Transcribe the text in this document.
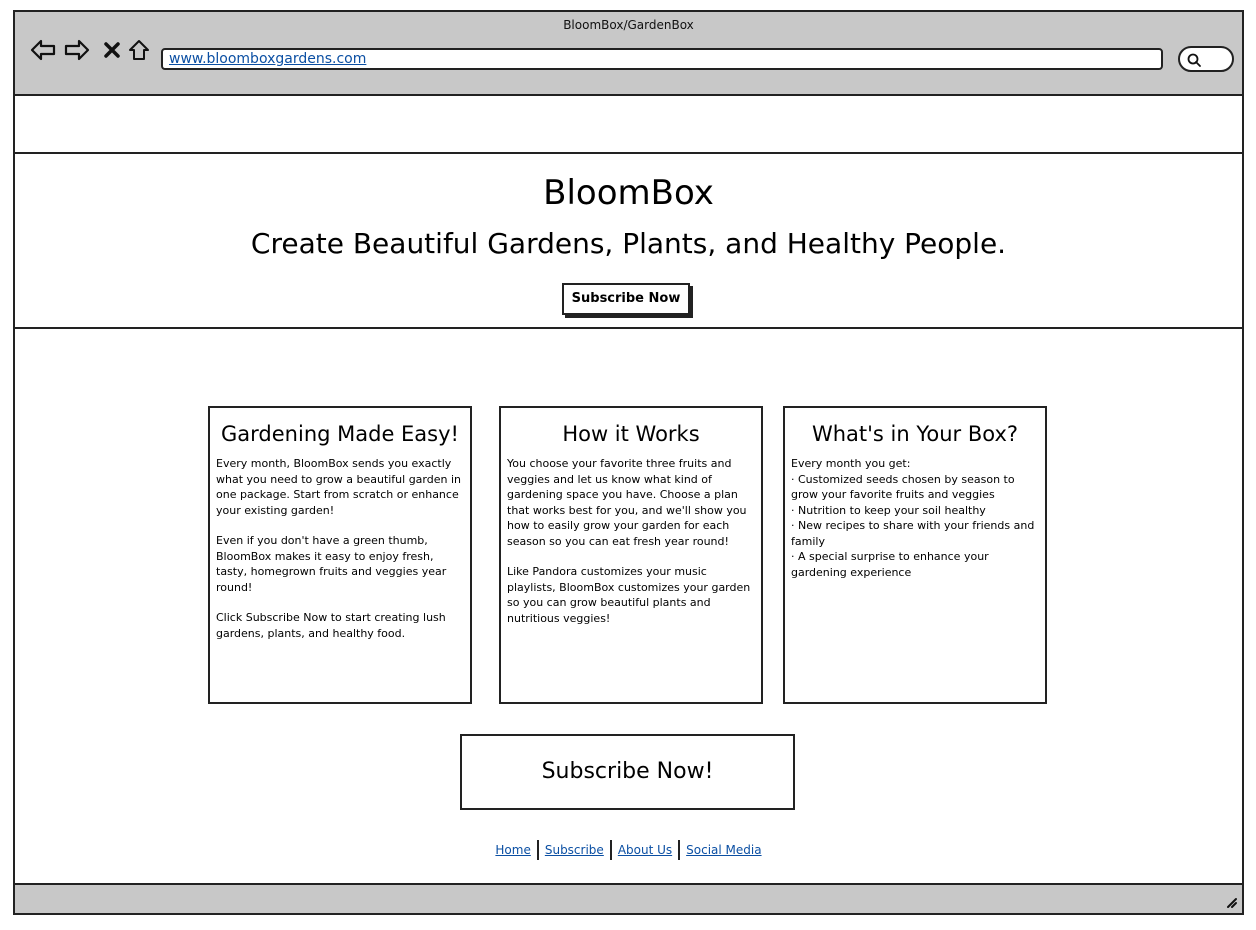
BloomBox/GardenBox
www.bloomboxgardens.com
BloomBox
Create Beautiful Gardens, Plants, and Healthy People.
Subscribe Now
Gardening Made Easy!

Every month, BloomBox sends you exactly what you need to grow a beautiful garden in one package. Start from scratch or enhance your existing garden!

Even if you don't have a green thumb, BloomBox makes it easy to enjoy fresh, tasty, homegrown fruits and veggies year round!

Click Subscribe Now to start creating lush gardens, plants, and healthy food.

How it Works

You choose your favorite three fruits and veggies and let us know what kind of gardening space you have. Choose a plan that works best for you, and we'll show you how to easily grow your garden for each season so you can eat fresh year round!

Like Pandora customizes your music playlists, BloomBox customizes your garden so you can grow beautiful plants and nutritious veggies!

What's in Your Box?
Every month you get:
· Customized seeds chosen by season to grow your favorite fruits and veggies
· Nutrition to keep your soil healthy
· New recipes to share with your friends and family
· A special surprise to enhance your gardening experience
Subscribe Now!
Home Subscribe About Us Social Media
